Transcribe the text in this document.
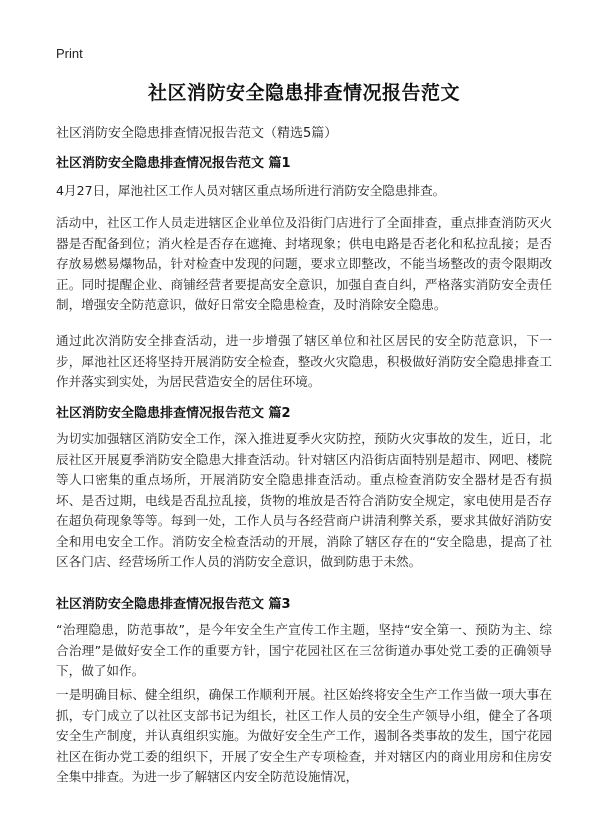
Print
社区消防安全隐患排查情况报告范文
社区消防安全隐患排查情况报告范文（精选5篇）
社区消防安全隐患排查情况报告范文 篇1
4月27日，犀池社区工作人员对辖区重点场所进行消防安全隐患排查。
活动中，社区工作人员走进辖区企业单位及沿街门店进行了全面排查，重点排查消防灭火器是否配备到位；消火栓是否存在遮掩、封堵现象；供电电路是否老化和私拉乱接；是否存放易燃易爆物品，针对检查中发现的问题，要求立即整改，不能当场整改的责令限期改正。同时提醒企业、商铺经营者要提高安全意识，加强自查自纠，严格落实消防安全责任制，增强安全防范意识，做好日常安全隐患检查，及时消除安全隐患。
通过此次消防安全排查活动，进一步增强了辖区单位和社区居民的安全防范意识，下一步，犀池社区还将坚持开展消防安全检查，整改火灾隐患，积极做好消防安全隐患排查工作并落实到实处，为居民营造安全的居住环境。
社区消防安全隐患排查情况报告范文 篇2
为切实加强辖区消防安全工作，深入推进夏季火灾防控，预防火灾事故的发生，近日，北辰社区开展夏季消防安全隐患大排查活动。针对辖区内沿街店面特别是超市、网吧、楼院等人口密集的重点场所，开展消防安全隐患排查活动。重点检查消防安全器材是否有损坏、是否过期，电线是否乱拉乱接，货物的堆放是否符合消防安全规定，家电使用是否存在超负荷现象等等。每到一处，工作人员与各经营商户讲清利弊关系，要求其做好消防安全和用电安全工作。消防安全检查活动的开展，消除了辖区存在的“安全隐患，提高了社区各门店、经营场所工作人员的消防安全意识，做到防患于未然。
社区消防安全隐患排查情况报告范文 篇3
“治理隐患，防范事故”，是今年安全生产宣传工作主题，坚持“安全第一、预防为主、综合治理”是做好安全工作的重要方针，国宁花园社区在三岔街道办事处党工委的正确领导下，做了如作。
一是明确目标、健全组织，确保工作顺利开展。社区始终将安全生产工作当做一项大事在抓，专门成立了以社区支部书记为组长，社区工作人员的安全生产领导小组，健全了各项安全生产制度，并认真组织实施。为做好安全生产工作，遏制各类事故的发生，国宁花园社区在街办党工委的组织下，开展了安全生产专项检查，并对辖区内的商业用房和住房安全集中排查。为进一步了解辖区内安全防范设施情况，
